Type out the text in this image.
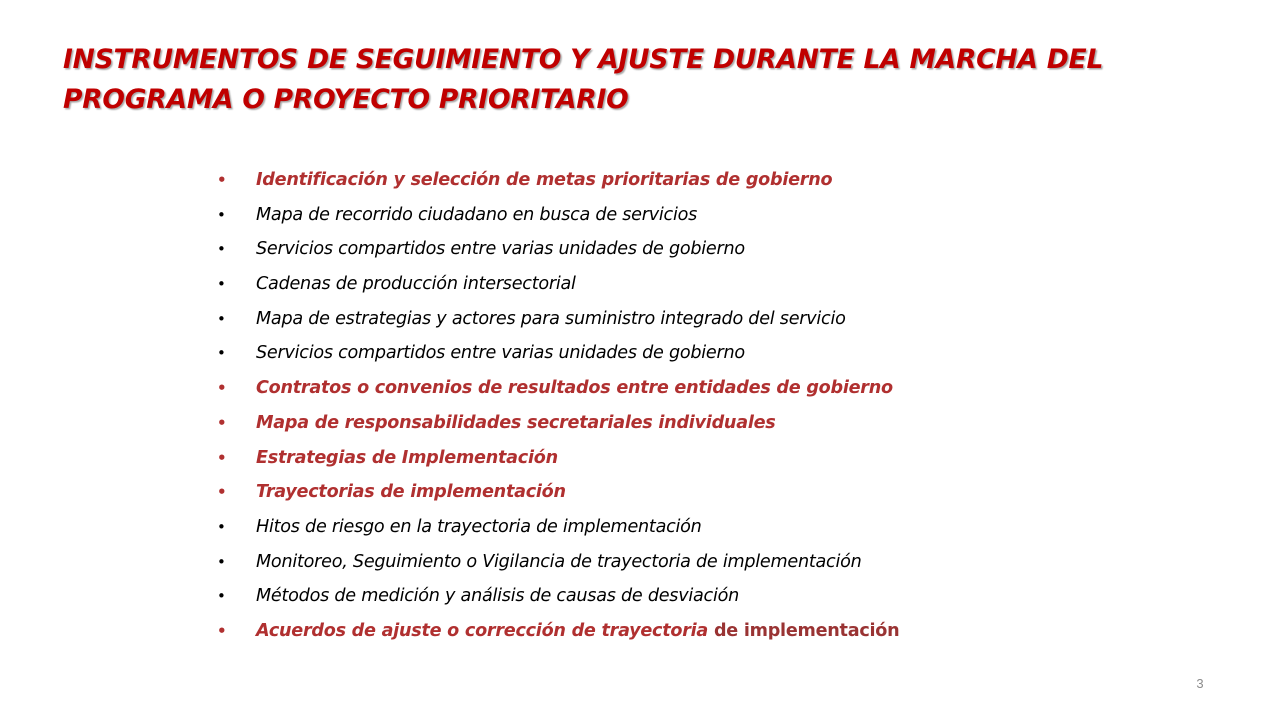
INSTRUMENTOS DE SEGUIMIENTO Y AJUSTE DURANTE LA MARCHA DEL
PROGRAMA O PROYECTO PRIORITARIO
• Identificación y selección de metas prioritarias de gobierno
• Mapa de recorrido ciudadano en busca de servicios
• Servicios compartidos entre varias unidades de gobierno
• Cadenas de producción intersectorial
• Mapa de estrategias y actores para suministro integrado del servicio
• Servicios compartidos entre varias unidades de gobierno
• Contratos o convenios de resultados entre entidades de gobierno
• Mapa de responsabilidades secretariales individuales
• Estrategias de Implementación
• Trayectorias de implementación
• Hitos de riesgo en la trayectoria de implementación
• Monitoreo, Seguimiento o Vigilancia de trayectoria de implementación
• Métodos de medición y análisis de causas de desviación
• Acuerdos de ajuste o corrección de trayectoria de implementación
3
